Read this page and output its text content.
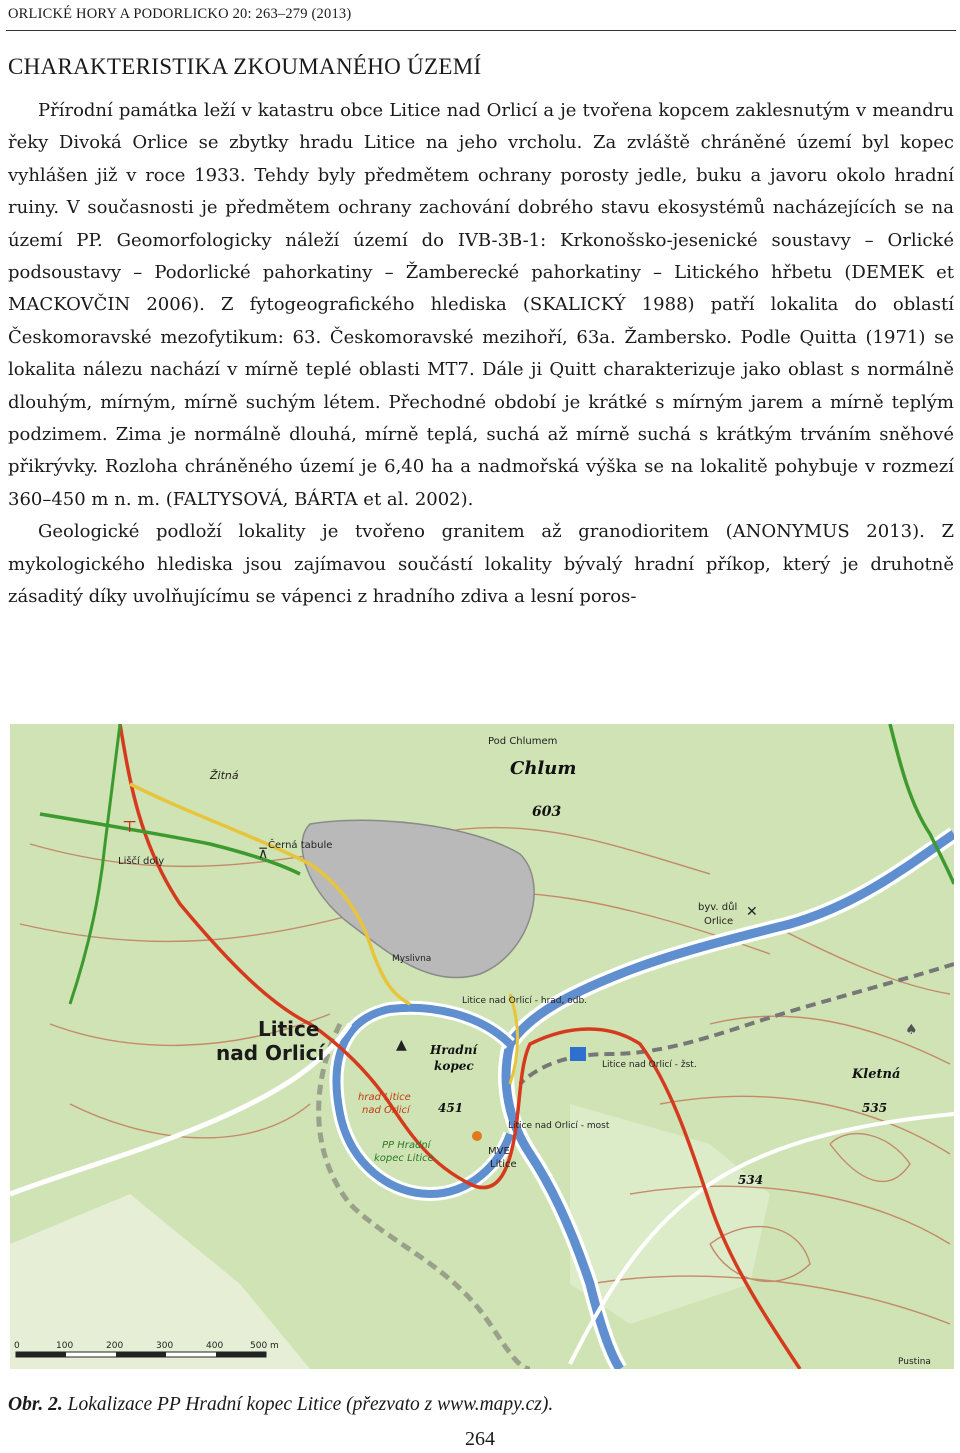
ORLICKÉ HORY A PODORLICKO 20: 263–279 (2013)
CHARAKTERISTIKA ZKOUMANÉHO ÚZEMÍ

Přírodní památka leží v katastru obce Litice nad Orlicí a je tvořena kopcem zaklesnutým v meandru řeky Divoká Orlice se zbytky hradu Litice na jeho vrcholu. Za zvláště chráněné území byl kopec vyhlášen již v roce 1933. Tehdy byly předmětem ochrany porosty jedle, buku a javoru okolo hradní ruiny. V současnosti je předmětem ochrany zachování dobrého stavu ekosystémů nacházejících se na území PP. Geomorfologicky náleží území do IVB-3B-1: Krkonošsko-jesenické soustavy – Orlické podsoustavy – Podorlické pahorkatiny – Žamberecké pahorkatiny – Litického hřbetu (DEMEK et MACKOVČIN 2006). Z fytogeografického hlediska (SKALICKÝ 1988) patří lokalita do oblastí Českomoravské mezofytikum: 63. Českomoravské mezihoří, 63a. Žambersko. Podle Quitta (1971) se lokalita nálezu nachází v mírně teplé oblasti MT7. Dále ji Quitt charakterizuje jako oblast s normálně dlouhým, mírným, mírně suchým létem. Přechodné období je krátké s mírným jarem a mírně teplým podzimem. Zima je normálně dlouhá, mírně teplá, suchá až mírně suchá s krátkým trváním sněhové přikrývky. Rozloha chráněného území je 6,40 ha a nadmořská výška se na lokalitě pohybuje v rozmezí 360–450 m n. m. (FALTYSOVÁ, BÁRTA et al. 2002).

Geologické podloží lokality je tvořeno granitem až granodioritem (ANONYMUS 2013). Z mykologického hlediska jsou zajímavou součástí lokality bývalý hradní příkop, který je druhotně zásaditý díky uvolňujícímu se vápenci z hradního zdiva a lesní poros-

Pod Chlumem
Chlum
603
Žitná
Liščí doly
Černá tabule
byv. důl
Orlice
Myslivna
Litice nad Orlicí - hrad, odb.
Litice nad Orlicí - žst.
Litice nad Orlicí - most
Litice
nad Orlicí	Hradní
kopec
451
hrad Litice
nad Orlicí
PP Hradní
kopec Litice
MVE
Litice
Kletná
535
534
Pustina
⊤
⊼
▲
✕
♠
0	100	200	300	400	500 m
Obr. 2. Lokalizace PP Hradní kopec Litice (přezvato z www.mapy.cz).
264
